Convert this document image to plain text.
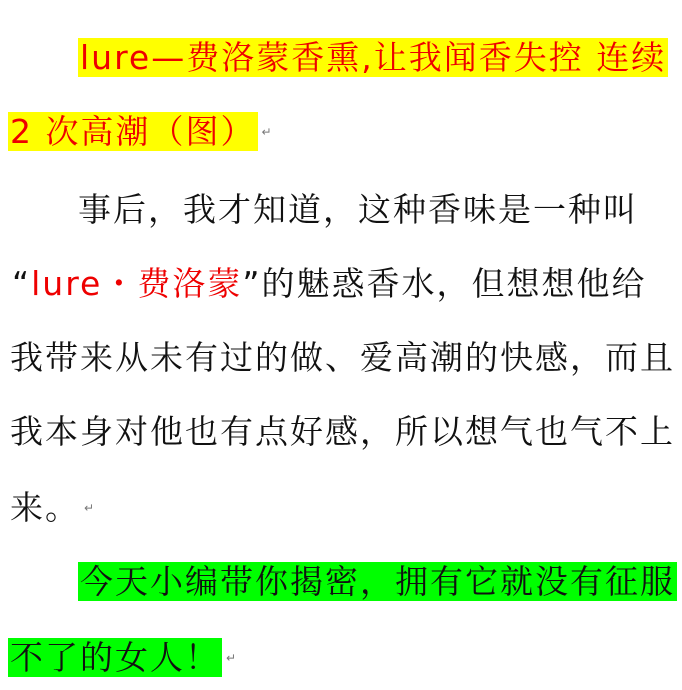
lure—费洛蒙香熏,让我闻香失控 连续
2 次高潮（图） ↵
事后，我才知道，这种香味是一种叫
“lure・费洛蒙”的魅惑香水，但想想他给
我带来从未有过的做、爱高潮的快感，而且
我本身对他也有点好感，所以想气也气不上
来。 ↵
今天小编带你揭密，拥有它就没有征服
不了的女人！ ↵
